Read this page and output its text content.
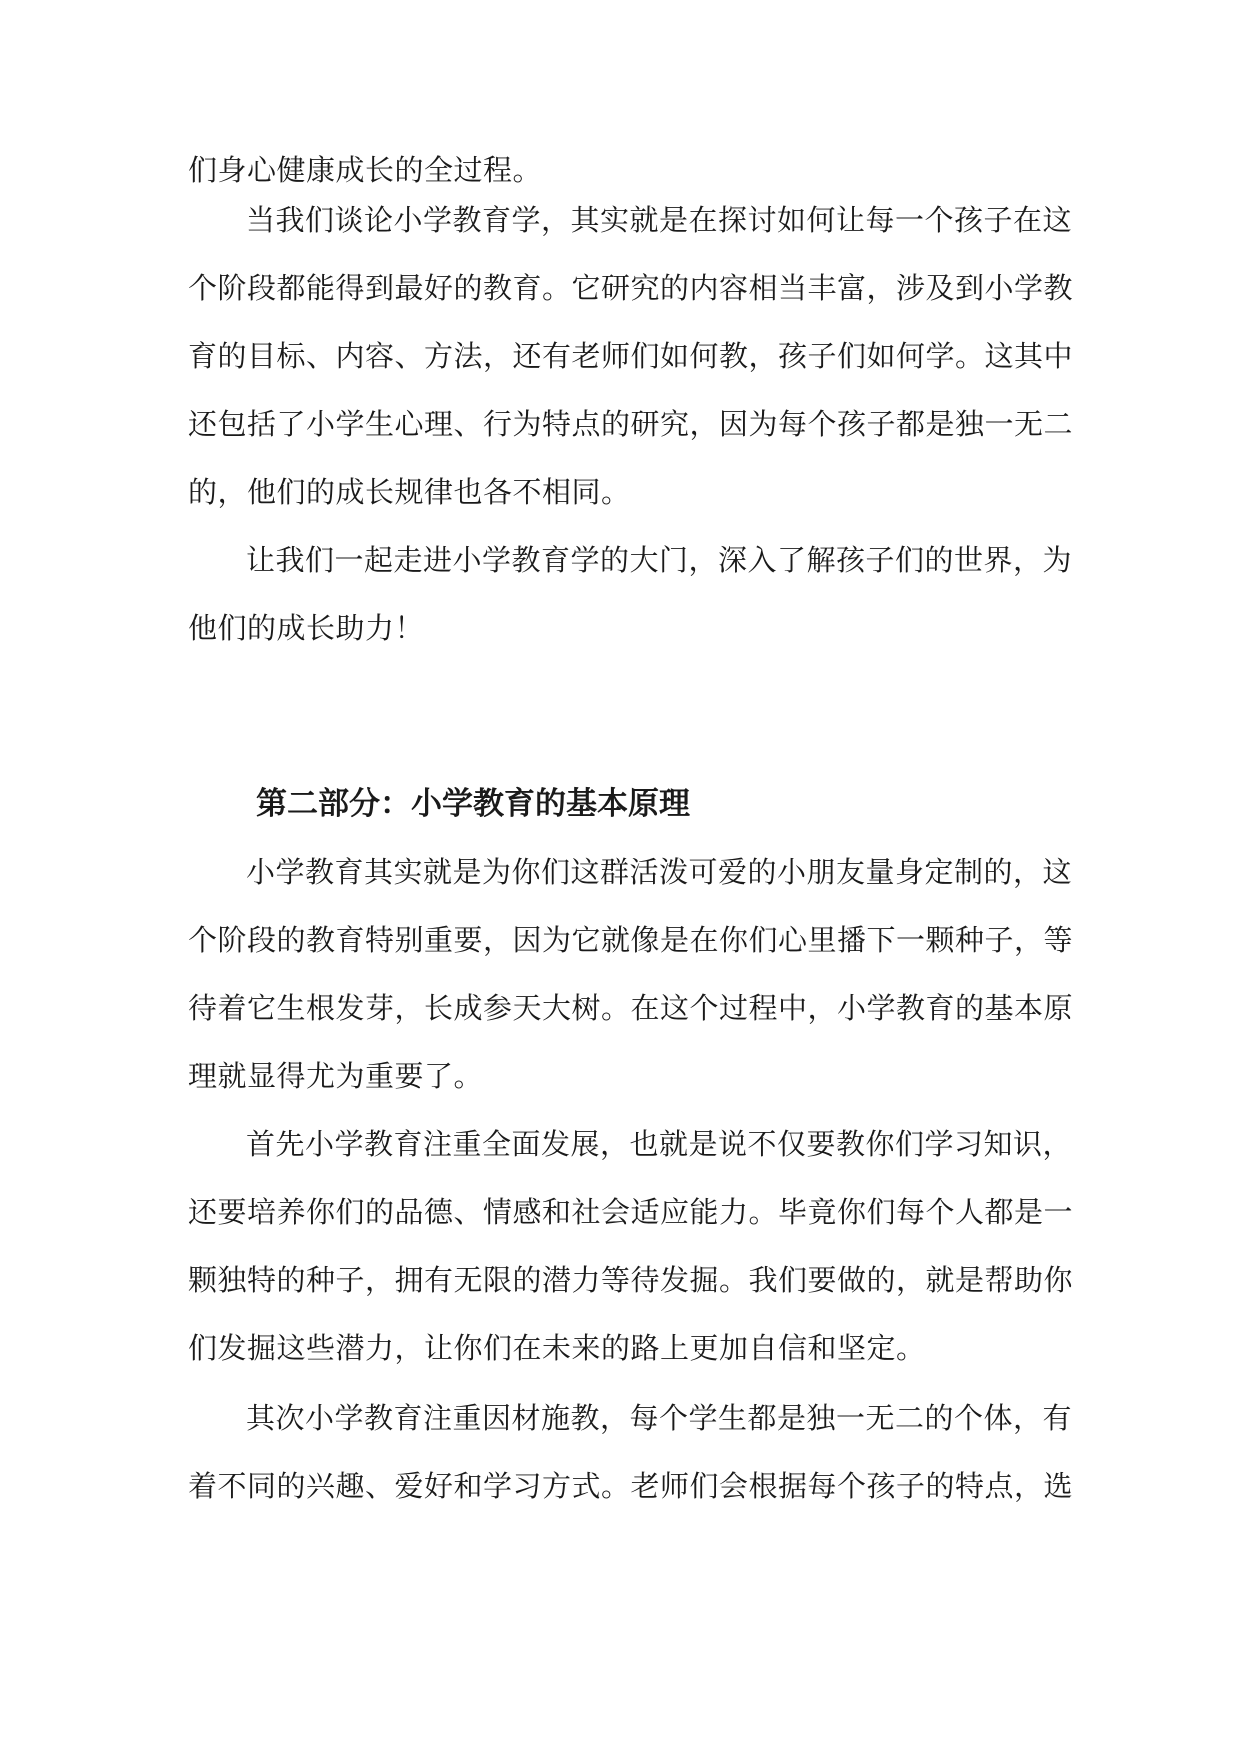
们身心健康成长的全过程。
当我们谈论小学教育学，其实就是在探讨如何让每一个孩子在这
个阶段都能得到最好的教育。它研究的内容相当丰富，涉及到小学教
育的目标、内容、方法，还有老师们如何教，孩子们如何学。这其中
还包括了小学生心理、行为特点的研究，因为每个孩子都是独一无二
的，他们的成长规律也各不相同。
让我们一起走进小学教育学的大门，深入了解孩子们的世界，为
他们的成长助力！
第二部分：小学教育的基本原理
小学教育其实就是为你们这群活泼可爱的小朋友量身定制的，这
个阶段的教育特别重要，因为它就像是在你们心里播下一颗种子，等
待着它生根发芽，长成参天大树。在这个过程中，小学教育的基本原
理就显得尤为重要了。
首先小学教育注重全面发展，也就是说不仅要教你们学习知识，
还要培养你们的品德、情感和社会适应能力。毕竟你们每个人都是一
颗独特的种子，拥有无限的潜力等待发掘。我们要做的，就是帮助你
们发掘这些潜力，让你们在未来的路上更加自信和坚定。
其次小学教育注重因材施教，每个学生都是独一无二的个体，有
着不同的兴趣、爱好和学习方式。老师们会根据每个孩子的特点，选
